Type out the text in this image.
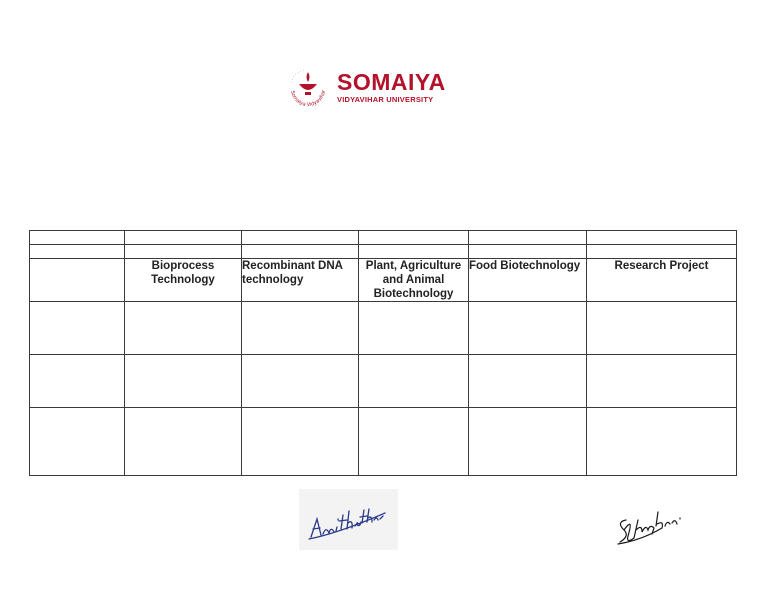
· · · · · · ·
Somaiya Vidyavihar SOMAIYA
VIDYAVIHAR UNIVERSITY

	Bioprocess Technology	Recombinant DNA technology	Plant, Agriculture and Animal Biotechnology	Food Biotechnology	Research Project
